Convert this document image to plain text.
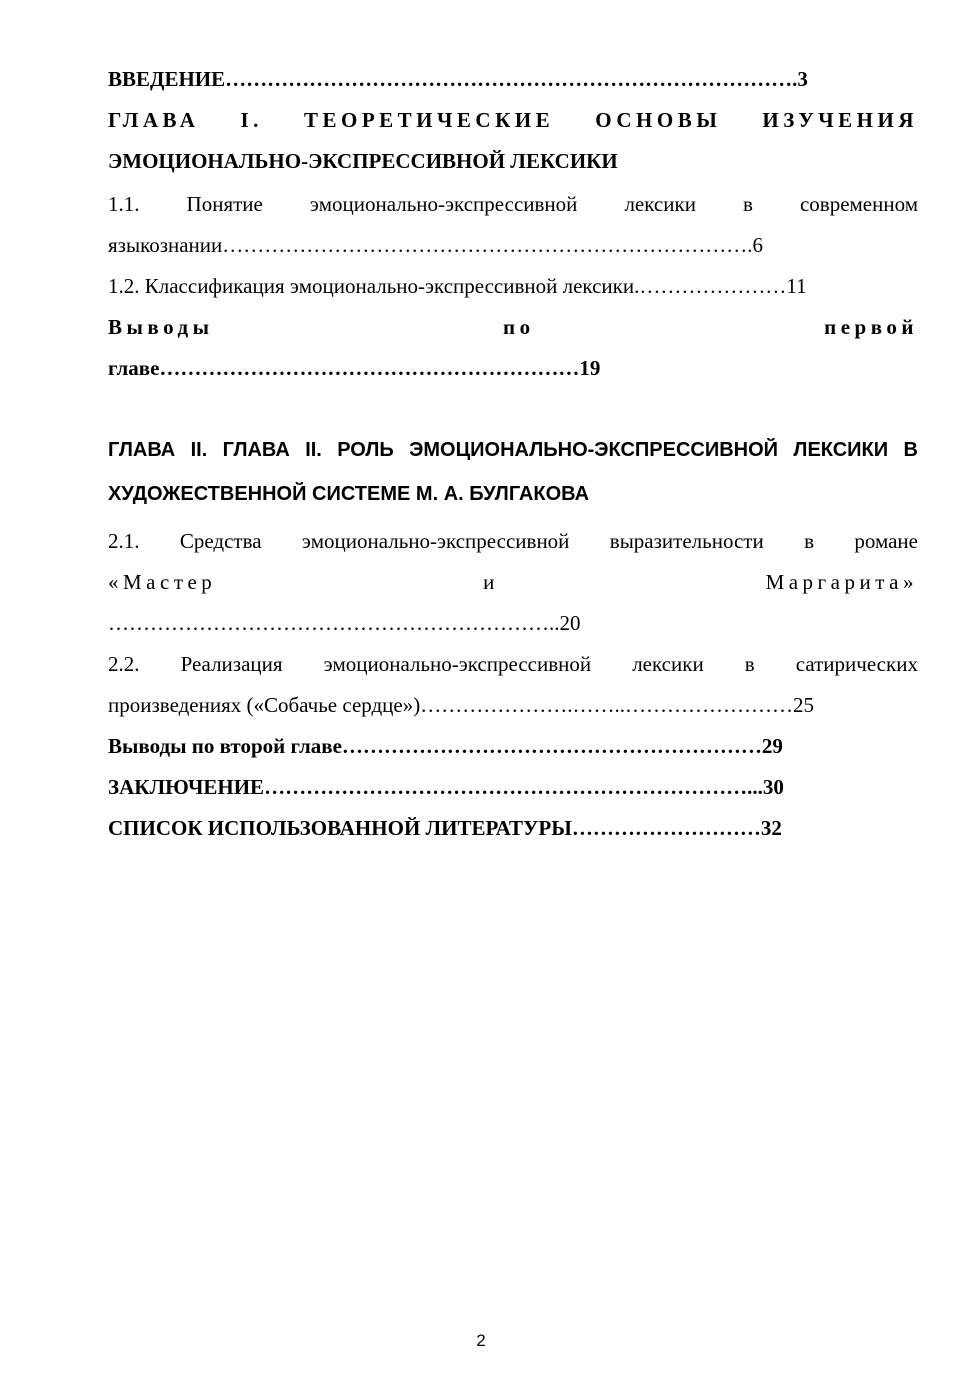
ВВЕДЕНИЕ……………………………………………………………………….3
ГЛАВА I. ТЕОРЕТИЧЕСКИЕ ОСНОВЫ ИЗУЧЕНИЯ
ЭМОЦИОНАЛЬНО-ЭКСПРЕССИВНОЙ ЛЕКСИКИ
1.1. Понятие эмоционально-экспрессивной лексики в современном
языкознании………………………………………………………………….6
1.2. Классификация эмоционально-экспрессивной лексики.…………………11
Выводы	по	первой
главе……………………………………………………19
ГЛАВА II. ГЛАВА II. РОЛЬ ЭМОЦИОНАЛЬНО-ЭКСПРЕССИВНОЙ ЛЕКСИКИ В
ХУДОЖЕСТВЕННОЙ СИСТЕМЕ М. А. БУЛГАКОВА
2.1. Средства эмоционально-экспрессивной выразительности в романе
«Мастер	и	Маргарита»
………………………………………………………..20
2.2. Реализация эмоционально-экспрессивной лексики в сатирических
произведениях («Собачье сердце»)………………….……..……………………25
Выводы по второй главе……………………………………………………29
ЗАКЛЮЧЕНИЕ……………………………………………………………...30
СПИСОК ИСПОЛЬЗОВАННОЙ ЛИТЕРАТУРЫ………………………32
2
